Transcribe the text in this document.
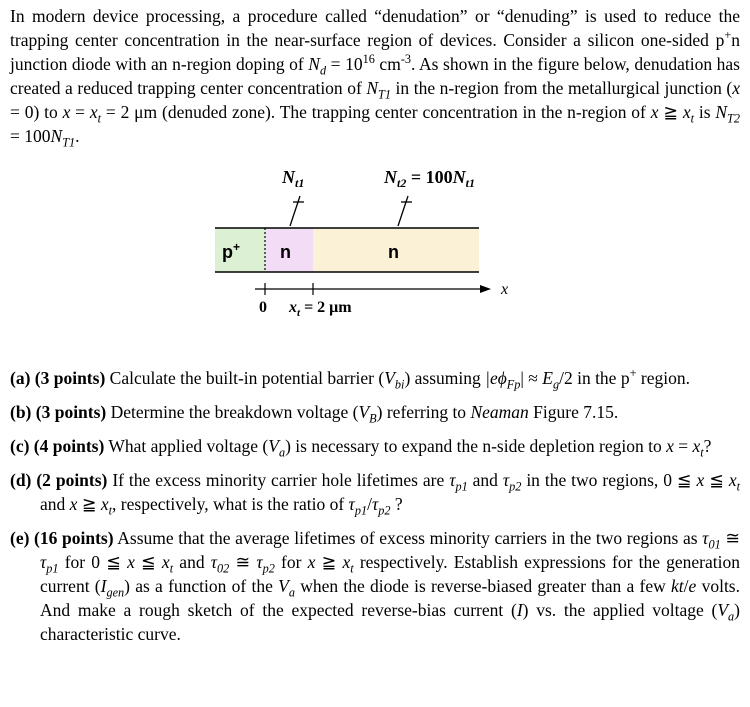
In modern device processing, a procedure called “denudation” or “denuding” is used to reduce the trapping center concentration in the near-surface region of devices. Consider a silicon one-sided p+n junction diode with an n-region doping of $N_d = 10^{16}$ $cm^{-3}$. As shown in the figure below, denudation has created a reduced trapping center concentration of $N_{T1}$ in the n-region from the metallurgical junction (x = 0) to $x = x_t = 2$ μm (denuded zone). The trapping center concentration in the n-region of x ≧ $x_t$ is $N_{T2} = 100N_{T1}$.

$N_{t1}$	$N_{t2} = 100N_{t1}$
p+ n	n
x
0 $x_t = 2$ μm

(a) (3 points) Calculate the built-in potential barrier $(V_{bi})$ assuming $|e\phi_{Fp}| \approx E_g/2$ in the p+ region.

(b) (3 points) Determine the breakdown voltage $(V_B)$ referring to Neaman Figure 7.15.

(c) (4 points) What applied voltage $(V_a)$ is necessary to expand the n-side depletion region to $x = x_t$?

(d) (2 points) If the excess minority carrier hole lifetimes are $\tau_{p1}$ and $\tau_{p2}$ in the two regions, 0 ≦ x ≦ $x_t$ and x ≧ $x_t$, respectively, what is the ratio of $\tau_{p1}/\tau_{p2}$ ?

(e) (16 points) Assume that the average lifetimes of excess minority carriers in the two regions as $\tau_{01}$ ≅ $\tau_{p1}$ for 0 ≦ x ≦ $x_t$ and $\tau_{02}$ ≅ $\tau_{p2}$ for x ≧ $x_t$ respectively. Establish expressions for the generation current $(I_{gen})$ as a function of the $V_a$ when the diode is reverse-biased greater than a few kt/e volts. And make a rough sketch of the expected reverse-bias current (I) vs. the applied voltage $(V_a)$ characteristic curve.
